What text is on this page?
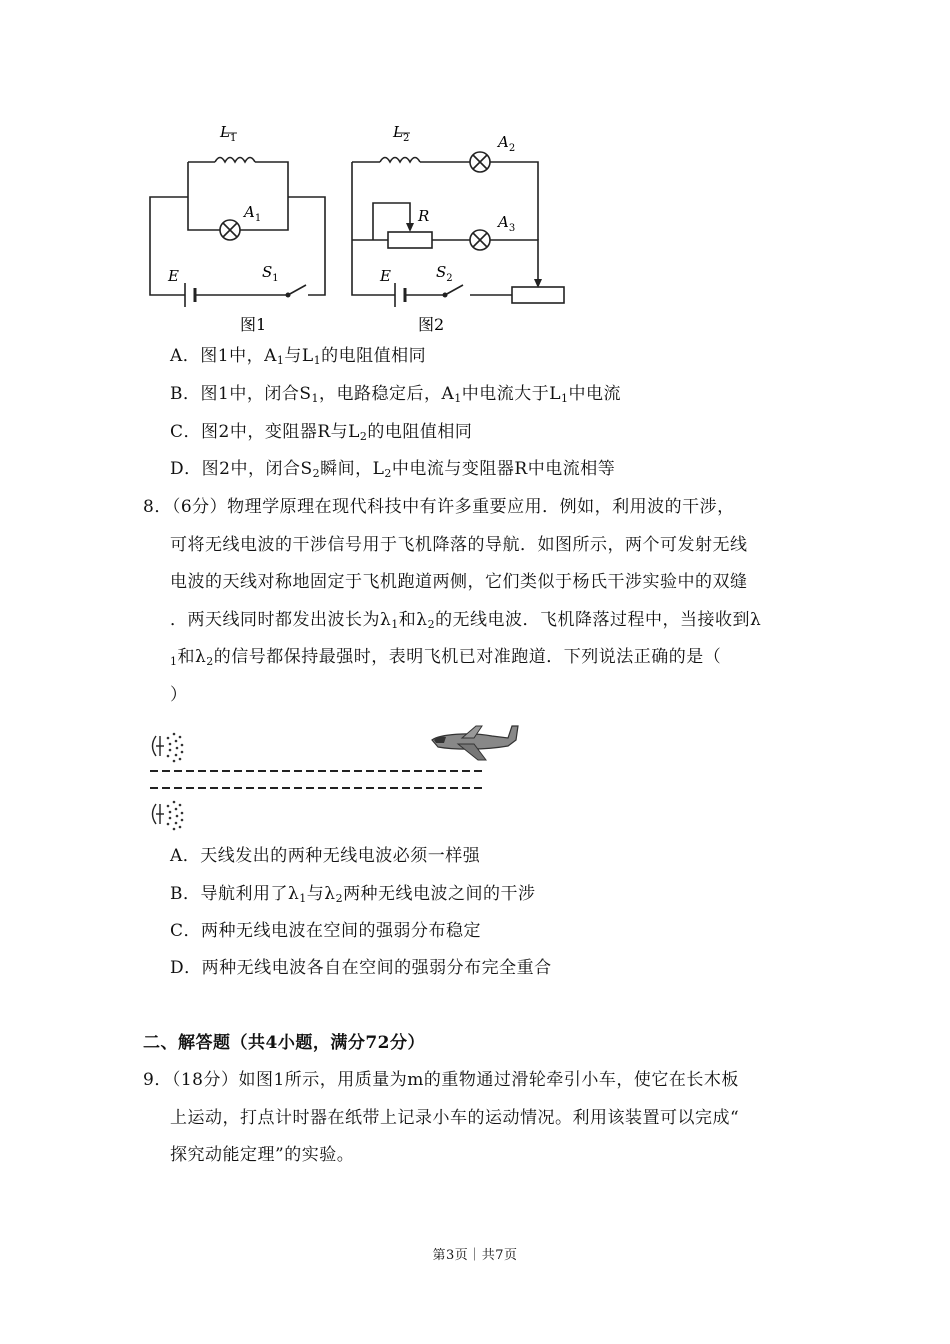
$L_1$
$A_1$
E	$S_1$
图1
$L_2$	$A_2$
R	$A_3$
E	$S_2$
图2
A．图1中，$A_1$与$L_1$的电阻值相同
B．图1中，闭合$S_1$，电路稳定后，$A_1$中电流大于$L_1$中电流
C．图2中，变阻器R与$L_2$的电阻值相同
D．图2中，闭合$S_2$瞬间，$L_2$中电流与变阻器R中电流相等
8．（6分）物理学原理在现代科技中有许多重要应用．例如，利用波的干涉，
可将无线电波的干涉信号用于飞机降落的导航．如图所示，两个可发射无线
电波的天线对称地固定于飞机跑道两侧，它们类似于杨氏干涉实验中的双缝
．两天线同时都发出波长为$\lambda_1$和$\lambda_2$的无线电波．飞机降落过程中，当接收到λ
$_1$和$\lambda_2$的信号都保持最强时，表明飞机已对准跑道．下列说法正确的是（
）
A．天线发出的两种无线电波必须一样强
B．导航利用了$\lambda_1$与$\lambda_2$两种无线电波之间的干涉
C．两种无线电波在空间的强弱分布稳定
D．两种无线电波各自在空间的强弱分布完全重合
二、解答题（共4小题，满分72分）
9．（18分）如图1所示，用质量为m的重物通过滑轮牵引小车，使它在长木板
上运动，打点计时器在纸带上记录小车的运动情况。利用该装置可以完成“
探究动能定理”的实验。
第3页｜共7页
